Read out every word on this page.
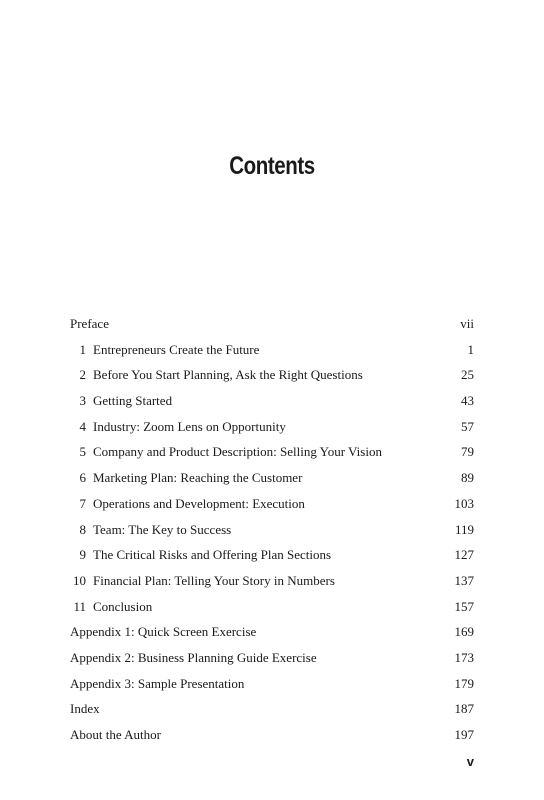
Contents
Preface	vii
1 Entrepreneurs Create the Future	1
2 Before You Start Planning, Ask the Right Questions	25
3 Getting Started	43
4 Industry: Zoom Lens on Opportunity	57
5 Company and Product Description: Selling Your Vision	79
6 Marketing Plan: Reaching the Customer	89
7 Operations and Development: Execution	103
8 Team: The Key to Success	119
9 The Critical Risks and Offering Plan Sections	127
10 Financial Plan: Telling Your Story in Numbers	137
11 Conclusion	157
Appendix 1: Quick Screen Exercise	169
Appendix 2: Business Planning Guide Exercise	173
Appendix 3: Sample Presentation	179
Index	187
About the Author	197
v
